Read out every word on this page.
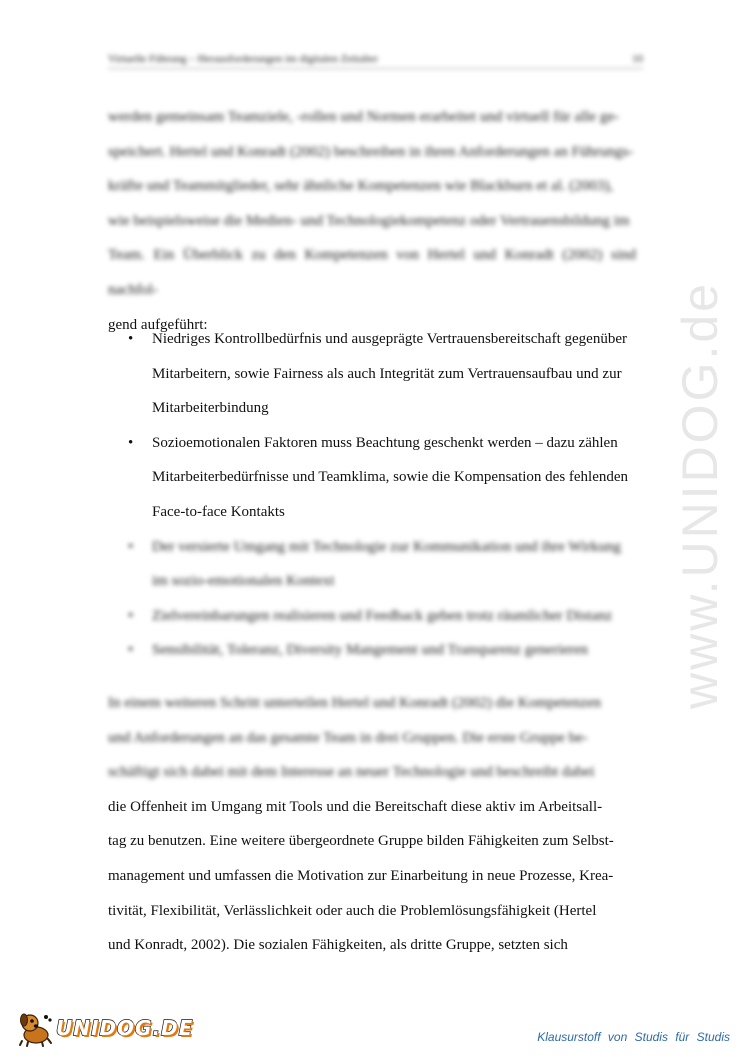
Virtuelle Führung – Herausforderungen im digitalen Zeitalter	10
werden gemeinsam Teamziele, -rollen und Normen erarbeitet und virtuell für alle ge-
speichert. Hertel und Konradt (2002) beschreiben in ihren Anforderungen an Führungs-
kräfte und Teammitglieder, sehr ähnliche Kompetenzen wie Blackburn et al. (2003),
wie beispielsweise die Medien- und Technologiekompetenz oder Vertrauensbildung im
Team. Ein Überblick zu den Kompetenzen von Hertel und Konradt (2002) sind nachfol-
gend aufgeführt:
• Niedriges Kontrollbedürfnis und ausgeprägte Vertrauensbereitschaft gegenüber
Mitarbeitern, sowie Fairness als auch Integrität zum Vertrauensaufbau und zur
Mitarbeiterbindung
• Sozioemotionalen Faktoren muss Beachtung geschenkt werden – dazu zählen
Mitarbeiterbedürfnisse und Teamklima, sowie die Kompensation des fehlenden
Face-to-face Kontakts
• Der versierte Umgang mit Technologie zur Kommunikation und ihre Wirkung
im sozio-emotionalen Kontext
• Zielvereinbarungen realisieren und Feedback geben trotz räumlicher Distanz
• Sensibilität, Toleranz, Diversity Mangement und Transparenz generieren
In einem weiteren Schritt unterteilen Hertel und Konradt (2002) die Kompetenzen
und Anforderungen an das gesamte Team in drei Gruppen. Die erste Gruppe be-
schäftigt sich dabei mit dem Interesse an neuer Technologie und beschreibt dabei
die Offenheit im Umgang mit Tools und die Bereitschaft diese aktiv im Arbeitsall-
tag zu benutzen. Eine weitere übergeordnete Gruppe bilden Fähigkeiten zum Selbst-
management und umfassen die Motivation zur Einarbeitung in neue Prozesse, Krea-
tivität, Flexibilität, Verlässlichkeit oder auch die Problemlösungsfähigkeit (Hertel
und Konradt, 2002). Die sozialen Fähigkeiten, als dritte Gruppe, setzten sich
www.UNIDOG.de
UNIDOG.DE	Klausurstoff von Studis für Studis
